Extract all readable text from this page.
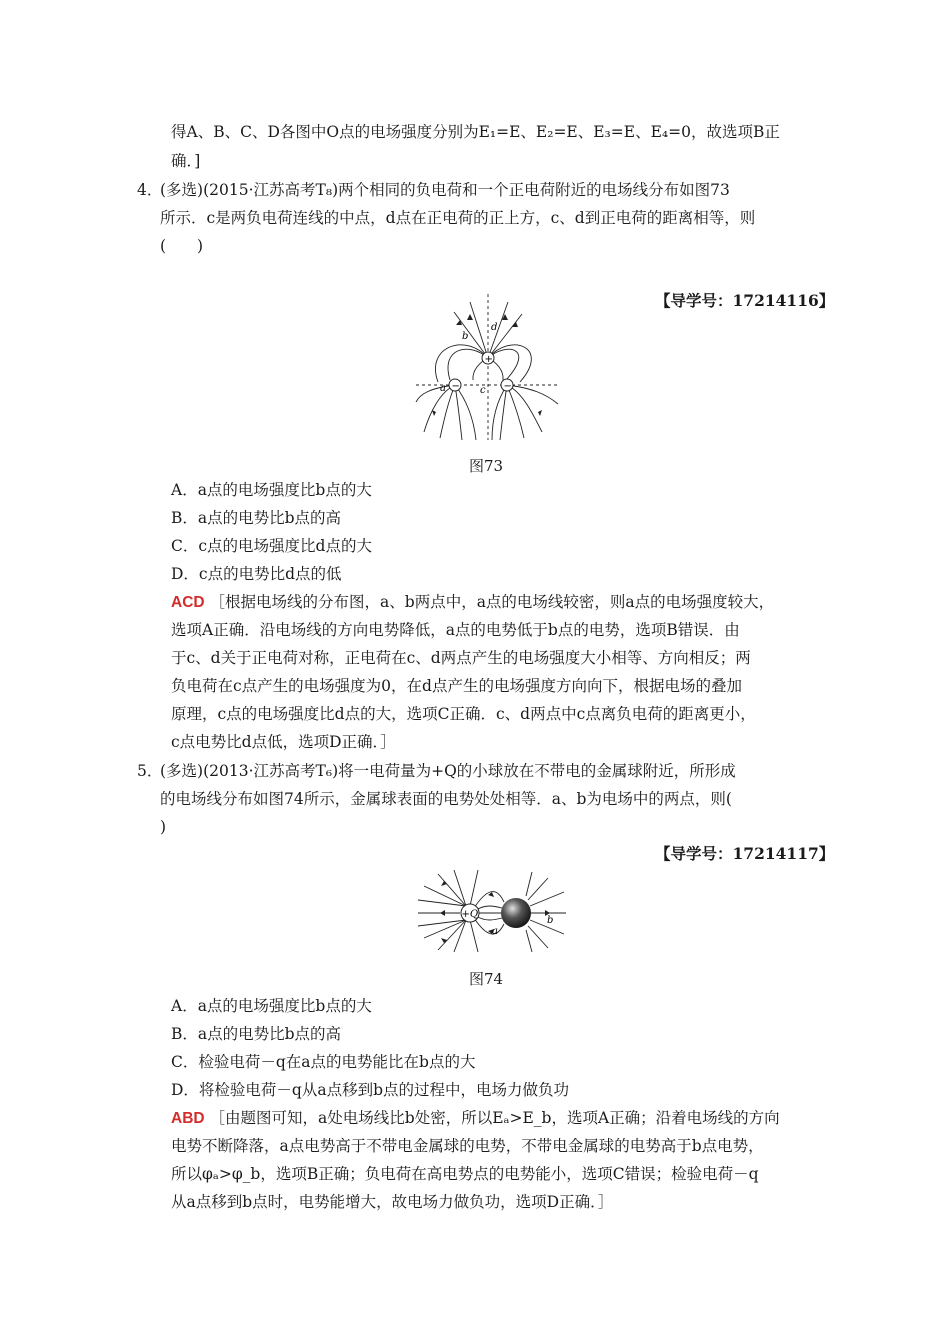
得A、B、C、D各图中O点的电场强度分别为E₁=E、E₂=E、E₃=E、E₄=0，故选项B正
确．]
4．
(多选)(2015·江苏高考T₈)两个相同的负电荷和一个正电荷附近的电场线分布如图73
所示．c是两负电荷连线的中点，d点在正电荷的正上方，c、d到正电荷的距离相等，则
(　　)
【导学号：17214116】
+
−	−
a
b
c
d
图73
A．a点的电场强度比b点的大
B．a点的电势比b点的高
C．c点的电场强度比d点的大
D．c点的电势比d点的低
ACD ［根据电场线的分布图，a、b两点中，a点的电场线较密，则a点的电场强度较大，
选项A正确．沿电场线的方向电势降低，a点的电势低于b点的电势，选项B错误．由
于c、d关于正电荷对称，正电荷在c、d两点产生的电场强度大小相等、方向相反；两
负电荷在c点产生的电场强度为0，在d点产生的电场强度方向向下，根据电场的叠加
原理，c点的电场强度比d点的大，选项C正确．c、d两点中c点离负电荷的距离更小，
c点电势比d点低，选项D正确．］
5．
(多选)(2013·江苏高考T₆)将一电荷量为+Q的小球放在不带电的金属球附近，所形成
的电场线分布如图74所示，金属球表面的电势处处相等．a、b为电场中的两点，则(
)
【导学号：17214117】
+Q
a
b
图74
A．a点的电场强度比b点的大
B．a点的电势比b点的高
C．检验电荷－q在a点的电势能比在b点的大
D．将检验电荷－q从a点移到b点的过程中，电场力做负功
ABD ［由题图可知，a处电场线比b处密，所以Eₐ>E_b，选项A正确；沿着电场线的方向
电势不断降落，a点电势高于不带电金属球的电势，不带电金属球的电势高于b点电势，
所以φₐ>φ_b，选项B正确；负电荷在高电势点的电势能小，选项C错误；检验电荷－q
从a点移到b点时，电势能增大，故电场力做负功，选项D正确．］
